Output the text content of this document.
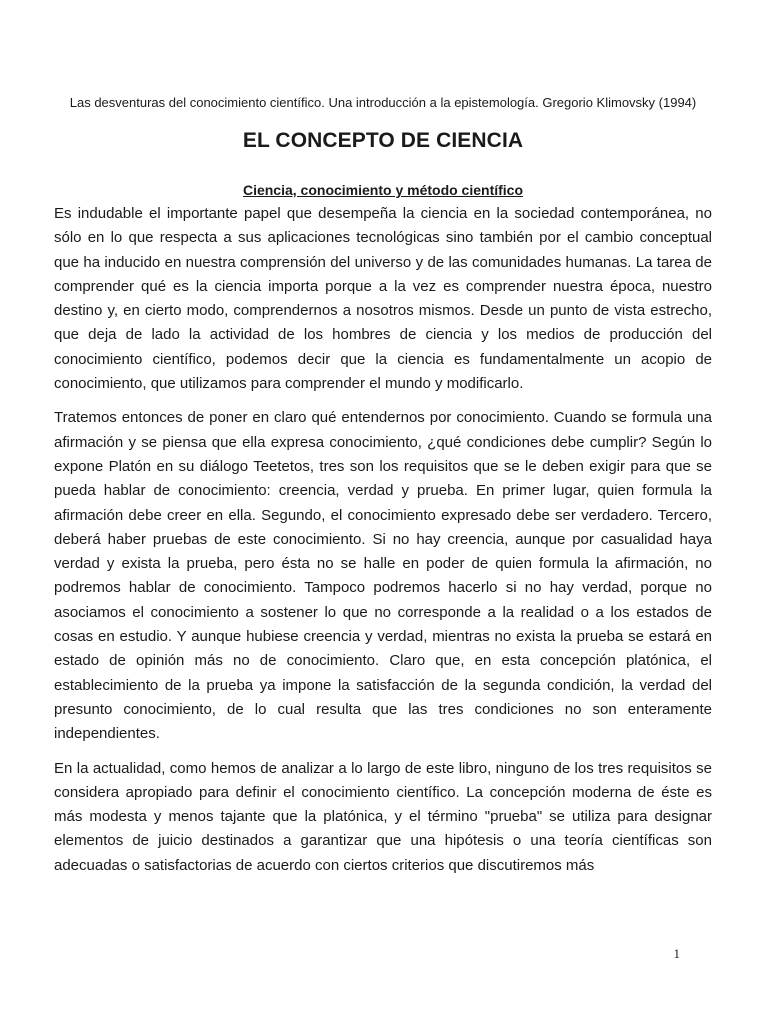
Las desventuras del conocimiento científico. Una introducción a la epistemología. Gregorio Klimovsky (1994)
EL CONCEPTO DE CIENCIA
Ciencia, conocimiento y método científico

Es indudable el importante papel que desempeña la ciencia en la sociedad contemporánea, no sólo en lo que respecta a sus aplicaciones tecnológicas sino también por el cambio conceptual que ha inducido en nuestra comprensión del universo y de las comunidades humanas. La tarea de comprender qué es la ciencia importa porque a la vez es comprender nuestra época, nuestro destino y, en cierto modo, comprendernos a nosotros mismos. Desde un punto de vista estrecho, que deja de lado la actividad de los hombres de ciencia y los medios de producción del conocimiento científico, podemos decir que la ciencia es fundamentalmente un acopio de conocimiento, que utilizamos para comprender el mundo y modificarlo.

Tratemos entonces de poner en claro qué entendernos por conocimiento. Cuando se formula una afirmación y se piensa que ella expresa conocimiento, ¿qué condiciones debe cumplir? Según lo expone Platón en su diálogo Teetetos, tres son los requisitos que se le deben exigir para que se pueda hablar de conocimiento: creencia, verdad y prueba. En primer lugar, quien formula la afirmación debe creer en ella. Segundo, el conocimiento expresado debe ser verdadero. Tercero, deberá haber pruebas de este conocimiento. Si no hay creencia, aunque por casualidad haya verdad y exista la prueba, pero ésta no se halle en poder de quien formula la afirmación, no podremos hablar de conocimiento. Tampoco podremos hacerlo si no hay verdad, porque no asociamos el conocimiento a sostener lo que no corresponde a la realidad o a los estados de cosas en estudio. Y aunque hubiese creencia y verdad, mientras no exista la prueba se estará en estado de opinión más no de conocimiento. Claro que, en esta concepción platónica, el establecimiento de la prueba ya impone la satisfacción de la segunda condición, la verdad del presunto conocimiento, de lo cual resulta que las tres condiciones no son enteramente independientes.

En la actualidad, como hemos de analizar a lo largo de este libro, ninguno de los tres requisitos se considera apropiado para definir el conocimiento científico. La concepción moderna de éste es más modesta y menos tajante que la platónica, y el término "prueba" se utiliza para designar elementos de juicio destinados a garantizar que una hipótesis o una teoría científicas son adecuadas o satisfactorias de acuerdo con ciertos criterios que discutiremos más

1
